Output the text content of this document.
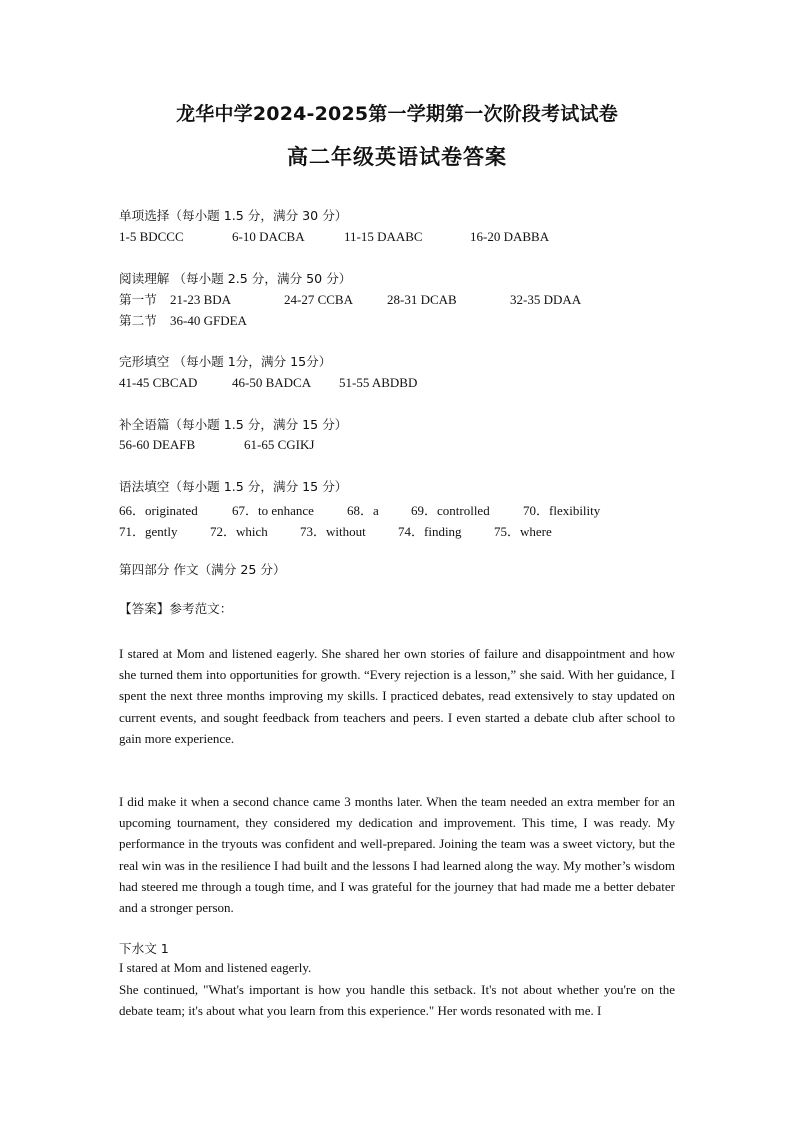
龙华中学2024-2025第一学期第一次阶段考试试卷
高二年级英语试卷答案
单项选择（每小题 1.5 分，满分 30 分）
1-5 BDCCC	6-10 DACBA	11-15 DAABC	16-20 DABBA
阅读理解 （每小题 2.5 分，满分 50 分）
第一节 21-23 BDA	24-27 CCBA	28-31 DCAB	32-35 DDAA
第二节 36-40 GFDEA
完形填空 （每小题 1分，满分 15分）
41-45 CBCAD	46-50 BADCA 51-55 ABDBD
补全语篇（每小题 1.5 分，满分 15 分）
56-60 DEAFB	61-65 CGIKJ
语法填空（每小题 1.5 分，满分 15 分）
66．originated	67．to enhance	68．a 69．controlled	70．flexibility
71．gently	72．which 73．without 74．finding 75．where
第四部分 作文（满分 25 分）
【答案】参考范文：
I stared at Mom and listened eagerly. She shared her own stories of failure and disappointment and how she turned them into opportunities for growth. “Every rejection is a lesson,” she said. With her guidance, I spent the next three months improving my skills. I practiced debates, read extensively to stay updated on current events, and sought feedback from teachers and peers. I even started a debate club after school to gain more experience.
I did make it when a second chance came 3 months later. When the team needed an extra member for an upcoming tournament, they considered my dedication and improvement. This time, I was ready. My performance in the tryouts was confident and well-prepared. Joining the team was a sweet victory, but the real win was in the resilience I had built and the lessons I had learned along the way. My mother’s wisdom had steered me through a tough time, and I was grateful for the journey that had made me a better debater and a stronger person.
下水文 1
I stared at Mom and listened eagerly.
She continued, "What's important is how you handle this setback. It's not about whether you're on the debate team; it's about what you learn from this experience." Her words resonated with me. I
